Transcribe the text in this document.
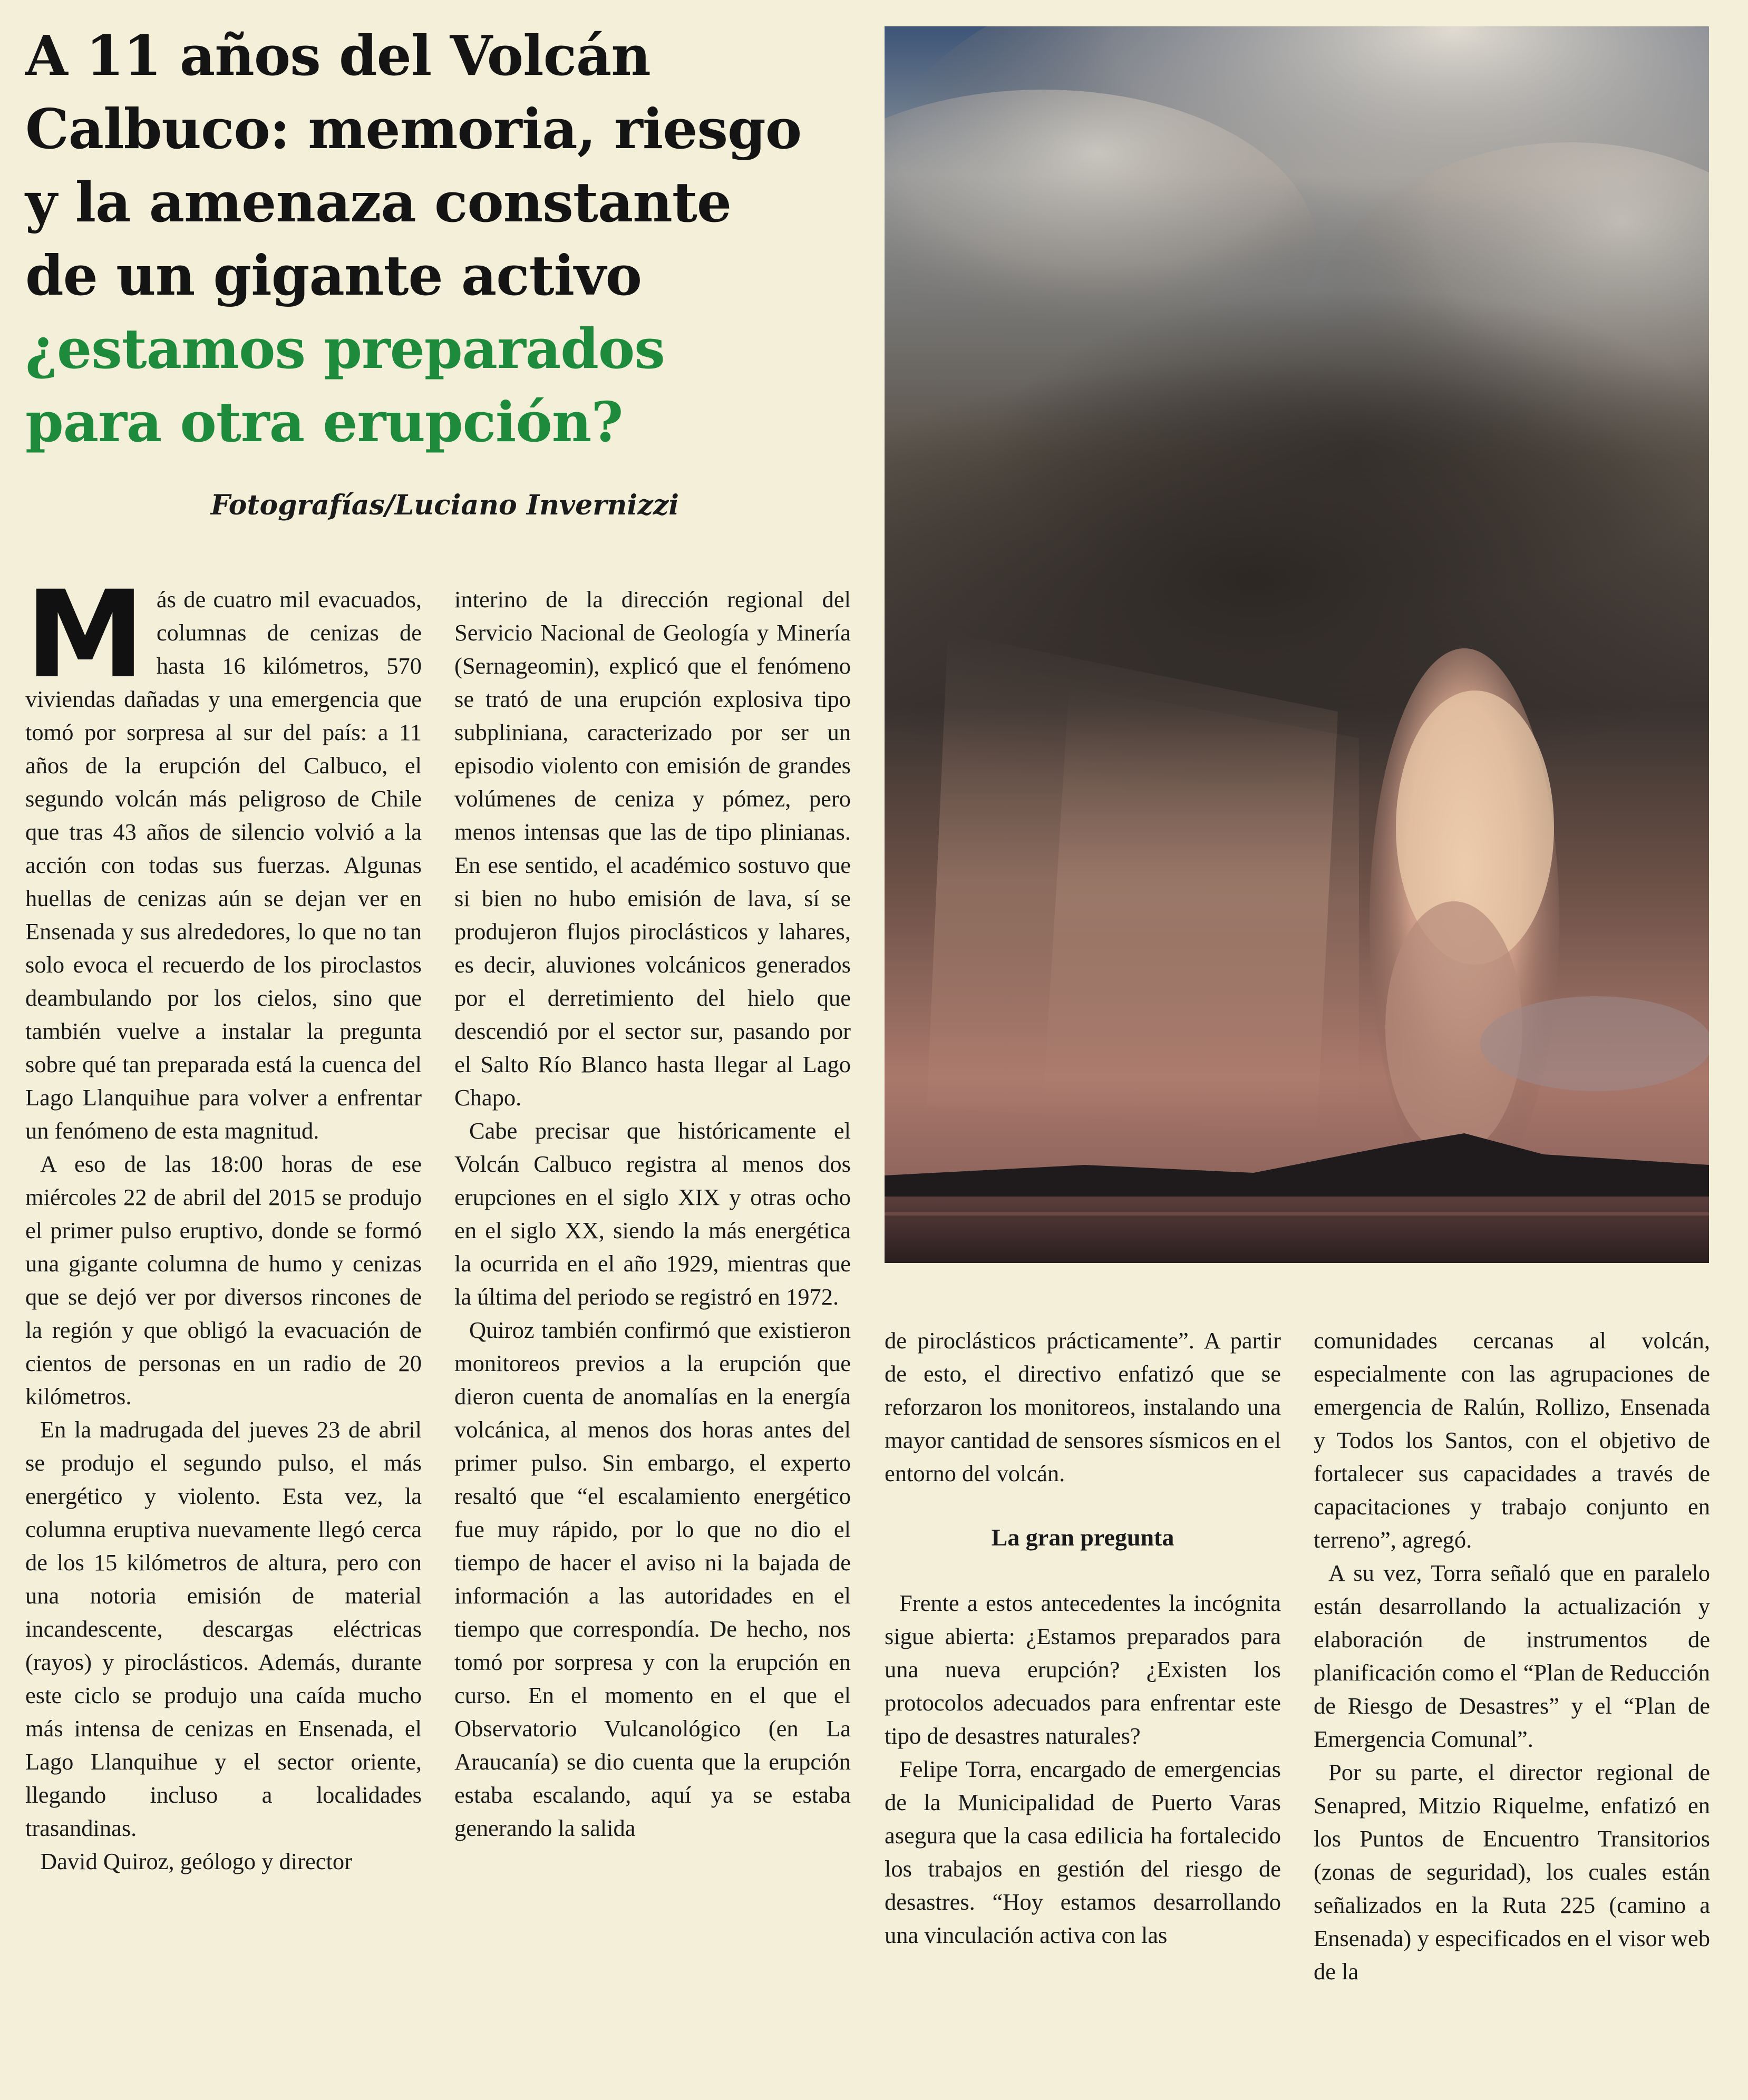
A 11 años del Volcán
Calbuco: memoria, riesgo
y la amenaza constante
de un gigante activo
¿estamos preparados
para otra erupción?
Fotografías/Luciano Invernizzi

Más de cuatro mil evacuados, columnas de cenizas de hasta 16 kilómetros, 570 viviendas dañadas y una emergencia que tomó por sorpresa al sur del país: a 11 años de la erupción del Calbuco, el segundo volcán más peligroso de Chile que tras 43 años de silencio volvió a la acción con todas sus fuerzas. Algunas huellas de cenizas aún se dejan ver en Ensenada y sus alrededores, lo que no tan solo evoca el recuerdo de los piroclastos deambulando por los cielos, sino que también vuelve a instalar la pregunta sobre qué tan preparada está la cuenca del Lago Llanquihue para volver a enfrentar un fenómeno de esta magnitud.

A eso de las 18:00 horas de ese miércoles 22 de abril del 2015 se produjo el primer pulso eruptivo, donde se formó una gigante columna de humo y cenizas que se dejó ver por diversos rincones de la región y que obligó la evacuación de cientos de personas en un radio de 20 kilómetros.

En la madrugada del jueves 23 de abril se produjo el segundo pulso, el más energético y violento. Esta vez, la columna eruptiva nuevamente llegó cerca de los 15 kilómetros de altura, pero con una notoria emisión de material incandescente, descargas eléctricas (rayos) y piroclásticos. Además, durante este ciclo se produjo una caída mucho más intensa de cenizas en Ensenada, el Lago Llanquihue y el sector oriente, llegando incluso a localidades trasandinas.

David Quiroz, geólogo y director

interino de la dirección regional del Servicio Nacional de Geología y Minería (Sernageomin), explicó que el fenómeno se trató de una erupción explosiva tipo subpliniana, caracterizado por ser un episodio violento con emisión de grandes volúmenes de ceniza y pómez, pero menos intensas que las de tipo plinianas. En ese sentido, el académico sostuvo que si bien no hubo emisión de lava, sí se produjeron flujos piroclásticos y lahares, es decir, aluviones volcánicos generados por el derretimiento del hielo que descendió por el sector sur, pasando por el Salto Río Blanco hasta llegar al Lago Chapo.

Cabe precisar que históricamente el Volcán Calbuco registra al menos dos erupciones en el siglo XIX y otras ocho en el siglo XX, siendo la más energética la ocurrida en el año 1929, mientras que la última del periodo se registró en 1972.

Quiroz también confirmó que existieron monitoreos previos a la erupción que dieron cuenta de anomalías en la energía volcánica, al menos dos horas antes del primer pulso. Sin embargo, el experto resaltó que “el escalamiento energético fue muy rápido, por lo que no dio el tiempo de hacer el aviso ni la bajada de información a las autoridades en el tiempo que correspondía. De hecho, nos tomó por sorpresa y con la erupción en curso. En el momento en el que el Observatorio Vulcanológico (en La Araucanía) se dio cuenta que la erupción estaba escalando, aquí ya se estaba generando la salida

de piroclásticos prácticamente”. A partir de esto, el directivo enfatizó que se reforzaron los monitoreos, instalando una mayor cantidad de sensores sísmicos en el entorno del volcán.

La gran pregunta

Frente a estos antecedentes la incógnita sigue abierta: ¿Estamos preparados para una nueva erupción? ¿Existen los protocolos adecuados para enfrentar este tipo de desastres naturales?

Felipe Torra, encargado de emergencias de la Municipalidad de Puerto Varas asegura que la casa edilicia ha fortalecido los trabajos en gestión del riesgo de desastres. “Hoy estamos desarrollando una vinculación activa con las

comunidades cercanas al volcán, especialmente con las agrupaciones de emergencia de Ralún, Rollizo, Ensenada y Todos los Santos, con el objetivo de fortalecer sus capacidades a través de capacitaciones y trabajo conjunto en terreno”, agregó.

A su vez, Torra señaló que en paralelo están desarrollando la actualización y elaboración de instrumentos de planificación como el “Plan de Reducción de Riesgo de Desastres” y el “Plan de Emergencia Comunal”.

Por su parte, el director regional de Senapred, Mitzio Riquelme, enfatizó en los Puntos de Encuentro Transitorios (zonas de seguridad), los cuales están señalizados en la Ruta 225 (camino a Ensenada) y especificados en el visor web de la
